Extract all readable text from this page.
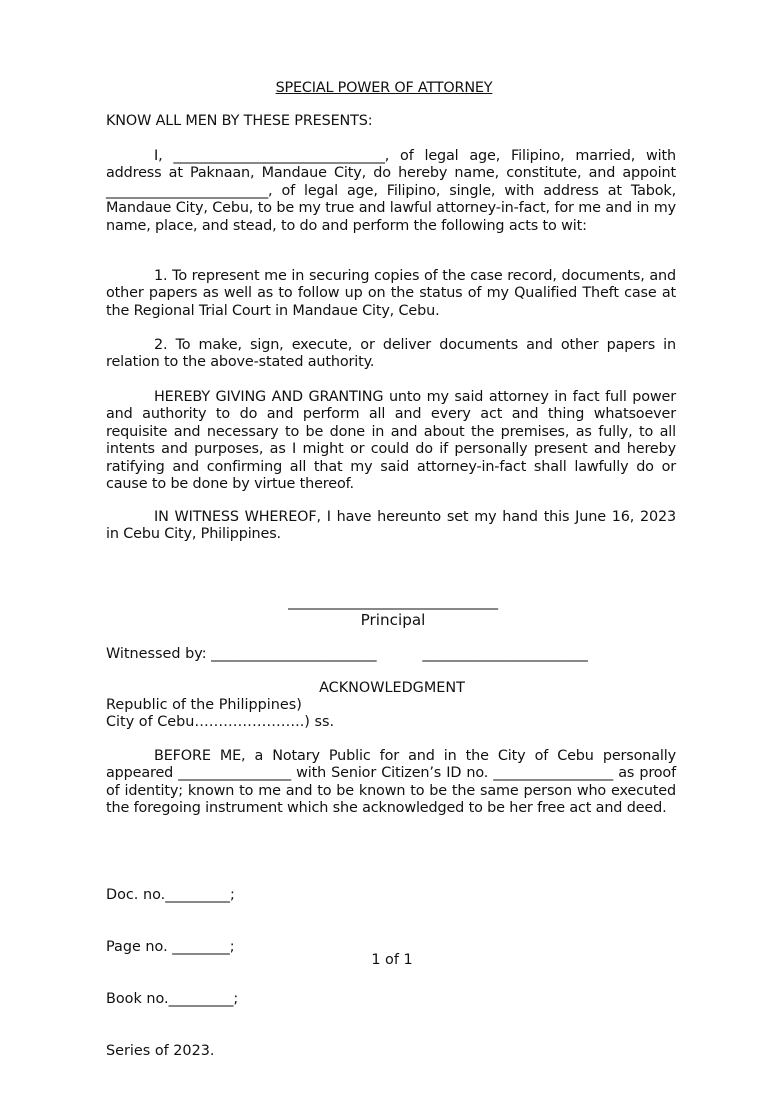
SPECIAL POWER OF ATTORNEY

KNOW ALL MEN BY THESE PRESENTS:

I, ______________________________, of legal age, Filipino, married, with address at Paknaan, Mandaue City, do hereby name, constitute, and appoint _______________________, of legal age, Filipino, single, with address at Tabok, Mandaue City, Cebu, to be my true and lawful attorney-in-fact, for me and in my name, place, and stead, to do and perform the following acts to wit:

1. To represent me in securing copies of the case record, documents, and other papers as well as to follow up on the status of my Qualified Theft case at the Regional Trial Court in Mandaue City, Cebu.

2. To make, sign, execute, or deliver documents and other papers in relation to the above-stated authority.

HEREBY GIVING AND GRANTING unto my said attorney in fact full power and authority to do and perform all and every act and thing whatsoever requisite and necessary to be done in and about the premises, as fully, to all intents and purposes, as I might or could do if personally present and hereby ratifying and confirming all that my said attorney-in-fact shall lawfully do or cause to be done by virtue thereof.

IN WITNESS WHEREOF, I have hereunto set my hand this June 16, 2023 in Cebu City, Philippines.

______________________________
Principal
Witnessed by: _______________________          _______________________
ACKNOWLEDGMENT
Republic of the Philippines)
City of Cebu…………………..) ss.

BEFORE ME, a Notary Public for and in the City of Cebu personally appeared ________________ with Senior Citizen’s ID no. _________________ as proof of identity; known to me and to be known to be the same person who executed the foregoing instrument which she acknowledged to be her free act and deed.

Doc. no._________;

Page no. ________;

Book no._________;

Series of 2023.

1 of 1
